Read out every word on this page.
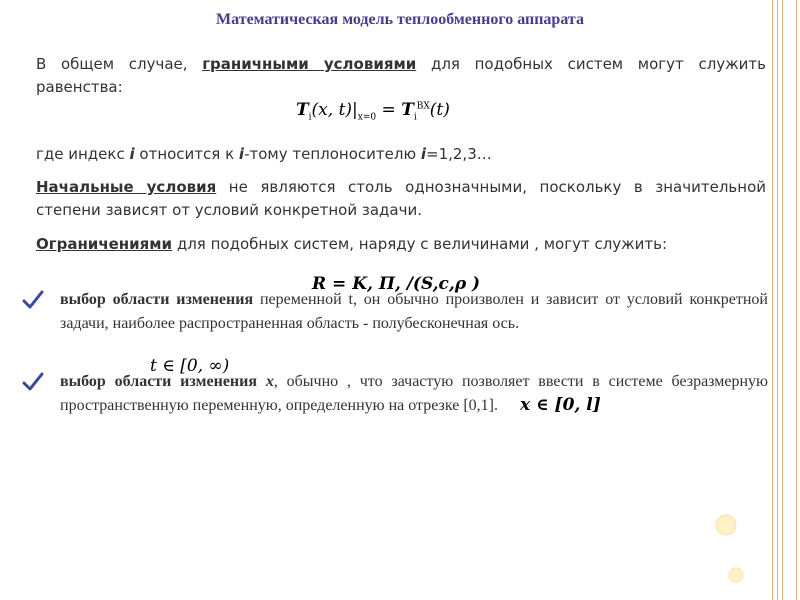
Математическая модель теплообменного аппарата
В общем случае, граничными условиями для подобных систем могут служить равенства:
$T_i(x$, $t)|_{x=0} = T_i^{ВХ}(t)$
где индекс i относится к i-тому теплоносителю i=1,2,3…
Начальные условия не являются столь однозначными, поскольку в значительной степени зависят от условий конкретной задачи.
Ограничениями для подобных систем, наряду с величинами , могут служить:
выбор области изменения переменной t, он обычно произволен и зависит от условий конкретной задачи, наиболее распространенная область - полубесконечная ось.
R = K, П, /(S,c,ρ )
выбор области изменения x, обычно , что зачастую позволяет ввести в системе безразмерную пространственную переменную, определенную на отрезке [0,1].
t ∈ [0, ∞)
x ∈ [0, l]
